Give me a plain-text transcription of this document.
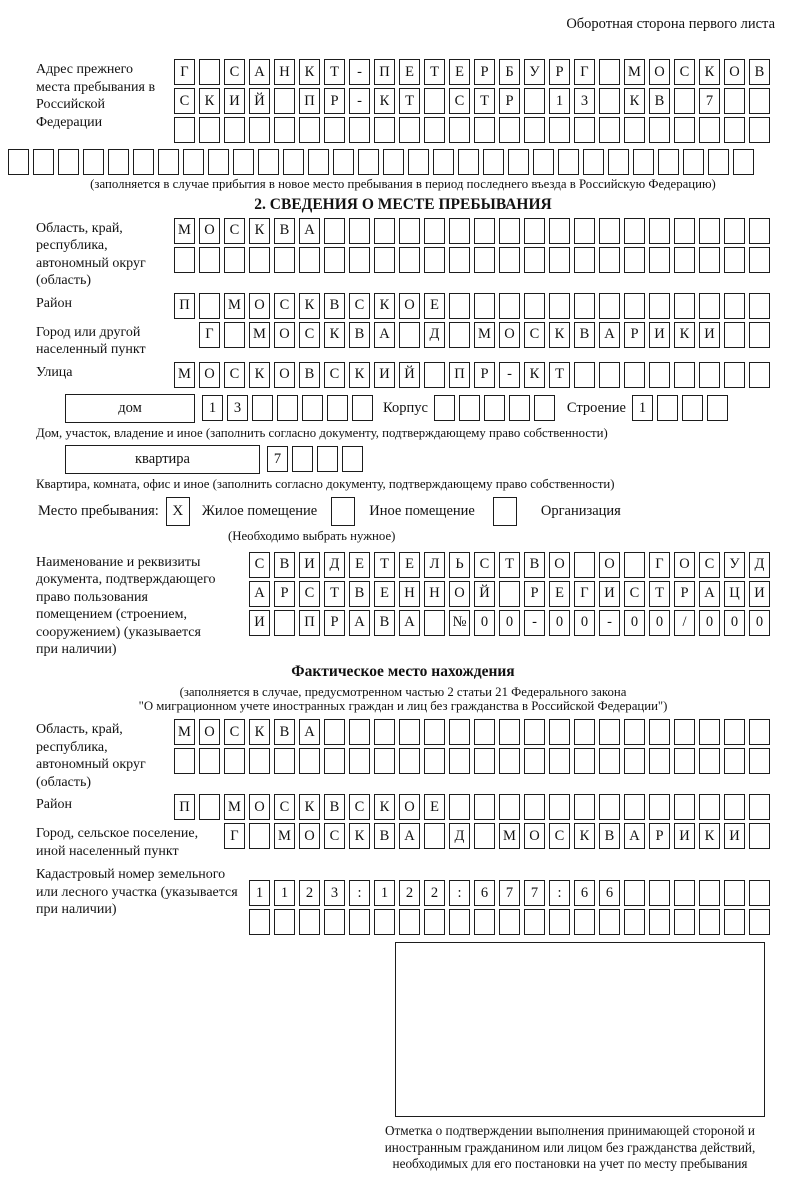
Оборотная сторона первого листа
Адрес прежнего места пребывания в Российской Федерации
Г	С	А	Н	К	Т	-	П	Е	Т	Е	Р	Б	У	Р	Г	М О	С	К	О	В
С	К	И	Й	П	Р	-	К	Т	С	Т	Р	1	3	К	В	7
(заполняется в случае прибытия в новое место пребывания в период последнего въезда в Российскую Федерацию)
2. СВЕДЕНИЯ О МЕСТЕ ПРЕБЫВАНИЯ
Область, край, республика, автономный округ (область)
М О	С	К	В	А
Район	П	М О	С	К	В	С	К	О	Е
Город или другой населенный пункт
Г	М О	С	К	В	А	Д	М О	С	К	В	А	Р	И	К	И
Улица	М О	С	К	О	В	С	К	И	Й	П	Р	-	К	Т
дом	1	3	Корпус	Строение 1
Дом, участок, владение и иное (заполнить согласно документу, подтверждающему право собственности)
квартира	7
Квартира, комната, офис и иное (заполнить согласно документу, подтверждающему право собственности)
Место пребывания: X	Жилое помещение	Иное помещение	Организация
(Необходимо выбрать нужное)
Наименование и реквизиты документа, подтверждающего право пользования помещением (строением, сооружением) (указывается при наличии)
С	В	И	Д	Е	Т	Е	Л	Ь	С	Т	В	О	О	Г	О	С	У	Д
А	Р	С	Т	В	Е	Н	Н	О	Й	Р	Е	Г	И	С	Т	Р	А	Ц	И
И	П	Р	А	В	А	№ 0	0	-	0	0	-	0	0	/	0	0	0
Фактическое место нахождения
(заполняется в случае, предусмотренном частью 2 статьи 21 Федерального закона
"О миграционном учете иностранных граждан и лиц без гражданства в Российской Федерации")
Область, край, республика, автономный округ (область)
М О	С	К	В	А
Район	П	М О	С	К	В	С	К	О	Е
Город, сельское поселение, иной населенный пункт
Г	М О	С	К	В	А	Д	М О	С	К	В	А	Р	И	К	И
Кадастровый номер земельного или лесного участка (указывается при наличии)
1	1	2	3	:	1	2	2	:	6	7	7	:	6	6
Отметка о подтверждении выполнения принимающей стороной и иностранным гражданином или лицом без гражданства действий, необходимых для его постановки на учет по месту пребывания
